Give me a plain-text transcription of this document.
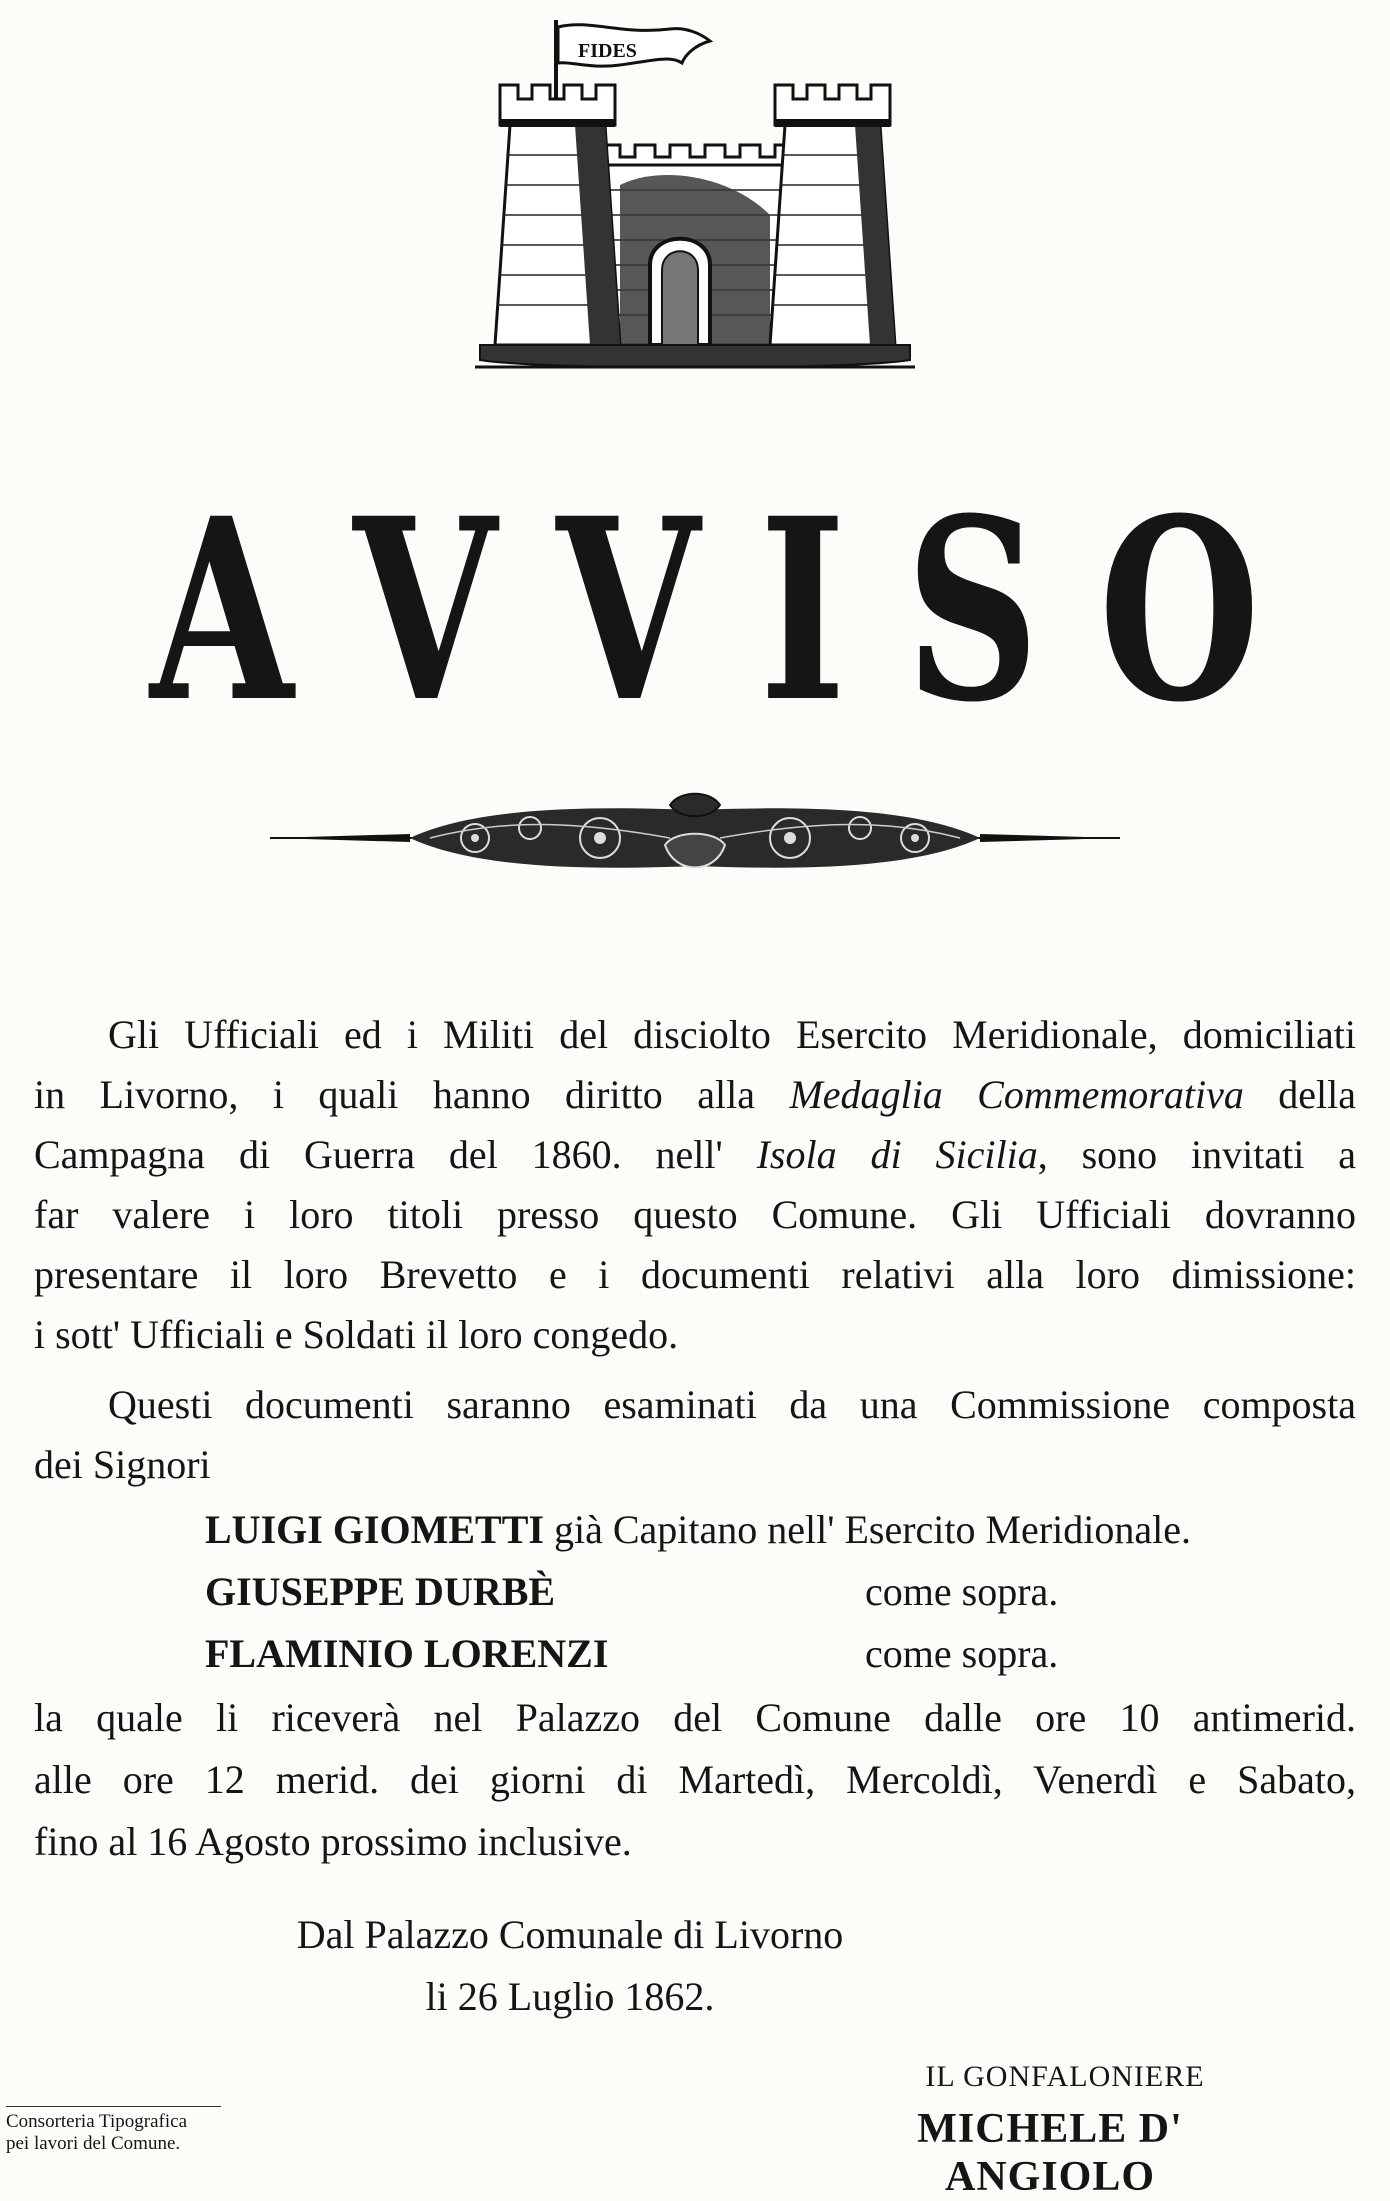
FIDES
A V V I S O
Gli Ufficiali ed i Militi del disciolto Esercito Meridionale, domiciliati
in Livorno, i quali hanno diritto alla Medaglia Commemorativa della
Campagna di Guerra del 1860. nell' Isola di Sicilia, sono invitati a
far valere i loro titoli presso questo Comune. Gli Ufficiali dovranno
presentare il loro Brevetto e i documenti relativi alla loro dimissione:
i sott' Ufficiali e Soldati il loro congedo.
Questi documenti saranno esaminati da una Commissione composta
dei Signori
LUIGI GIOMETTI già Capitano nell' Esercito Meridionale.
GIUSEPPE DURBÈ	come sopra.
FLAMINIO LORENZI	come sopra.
la quale li riceverà nel Palazzo del Comune dalle ore 10 antimerid.
alle ore 12 merid. dei giorni di Martedì, Mercoldì, Venerdì e Sabato,
fino al 16 Agosto prossimo inclusive.
Dal Palazzo Comunale di Livorno
li 26 Luglio 1862.
IL GONFALONIERE
MICHELE D' ANGIOLO
Consorteria Tipografica
pei lavori del Comune.
